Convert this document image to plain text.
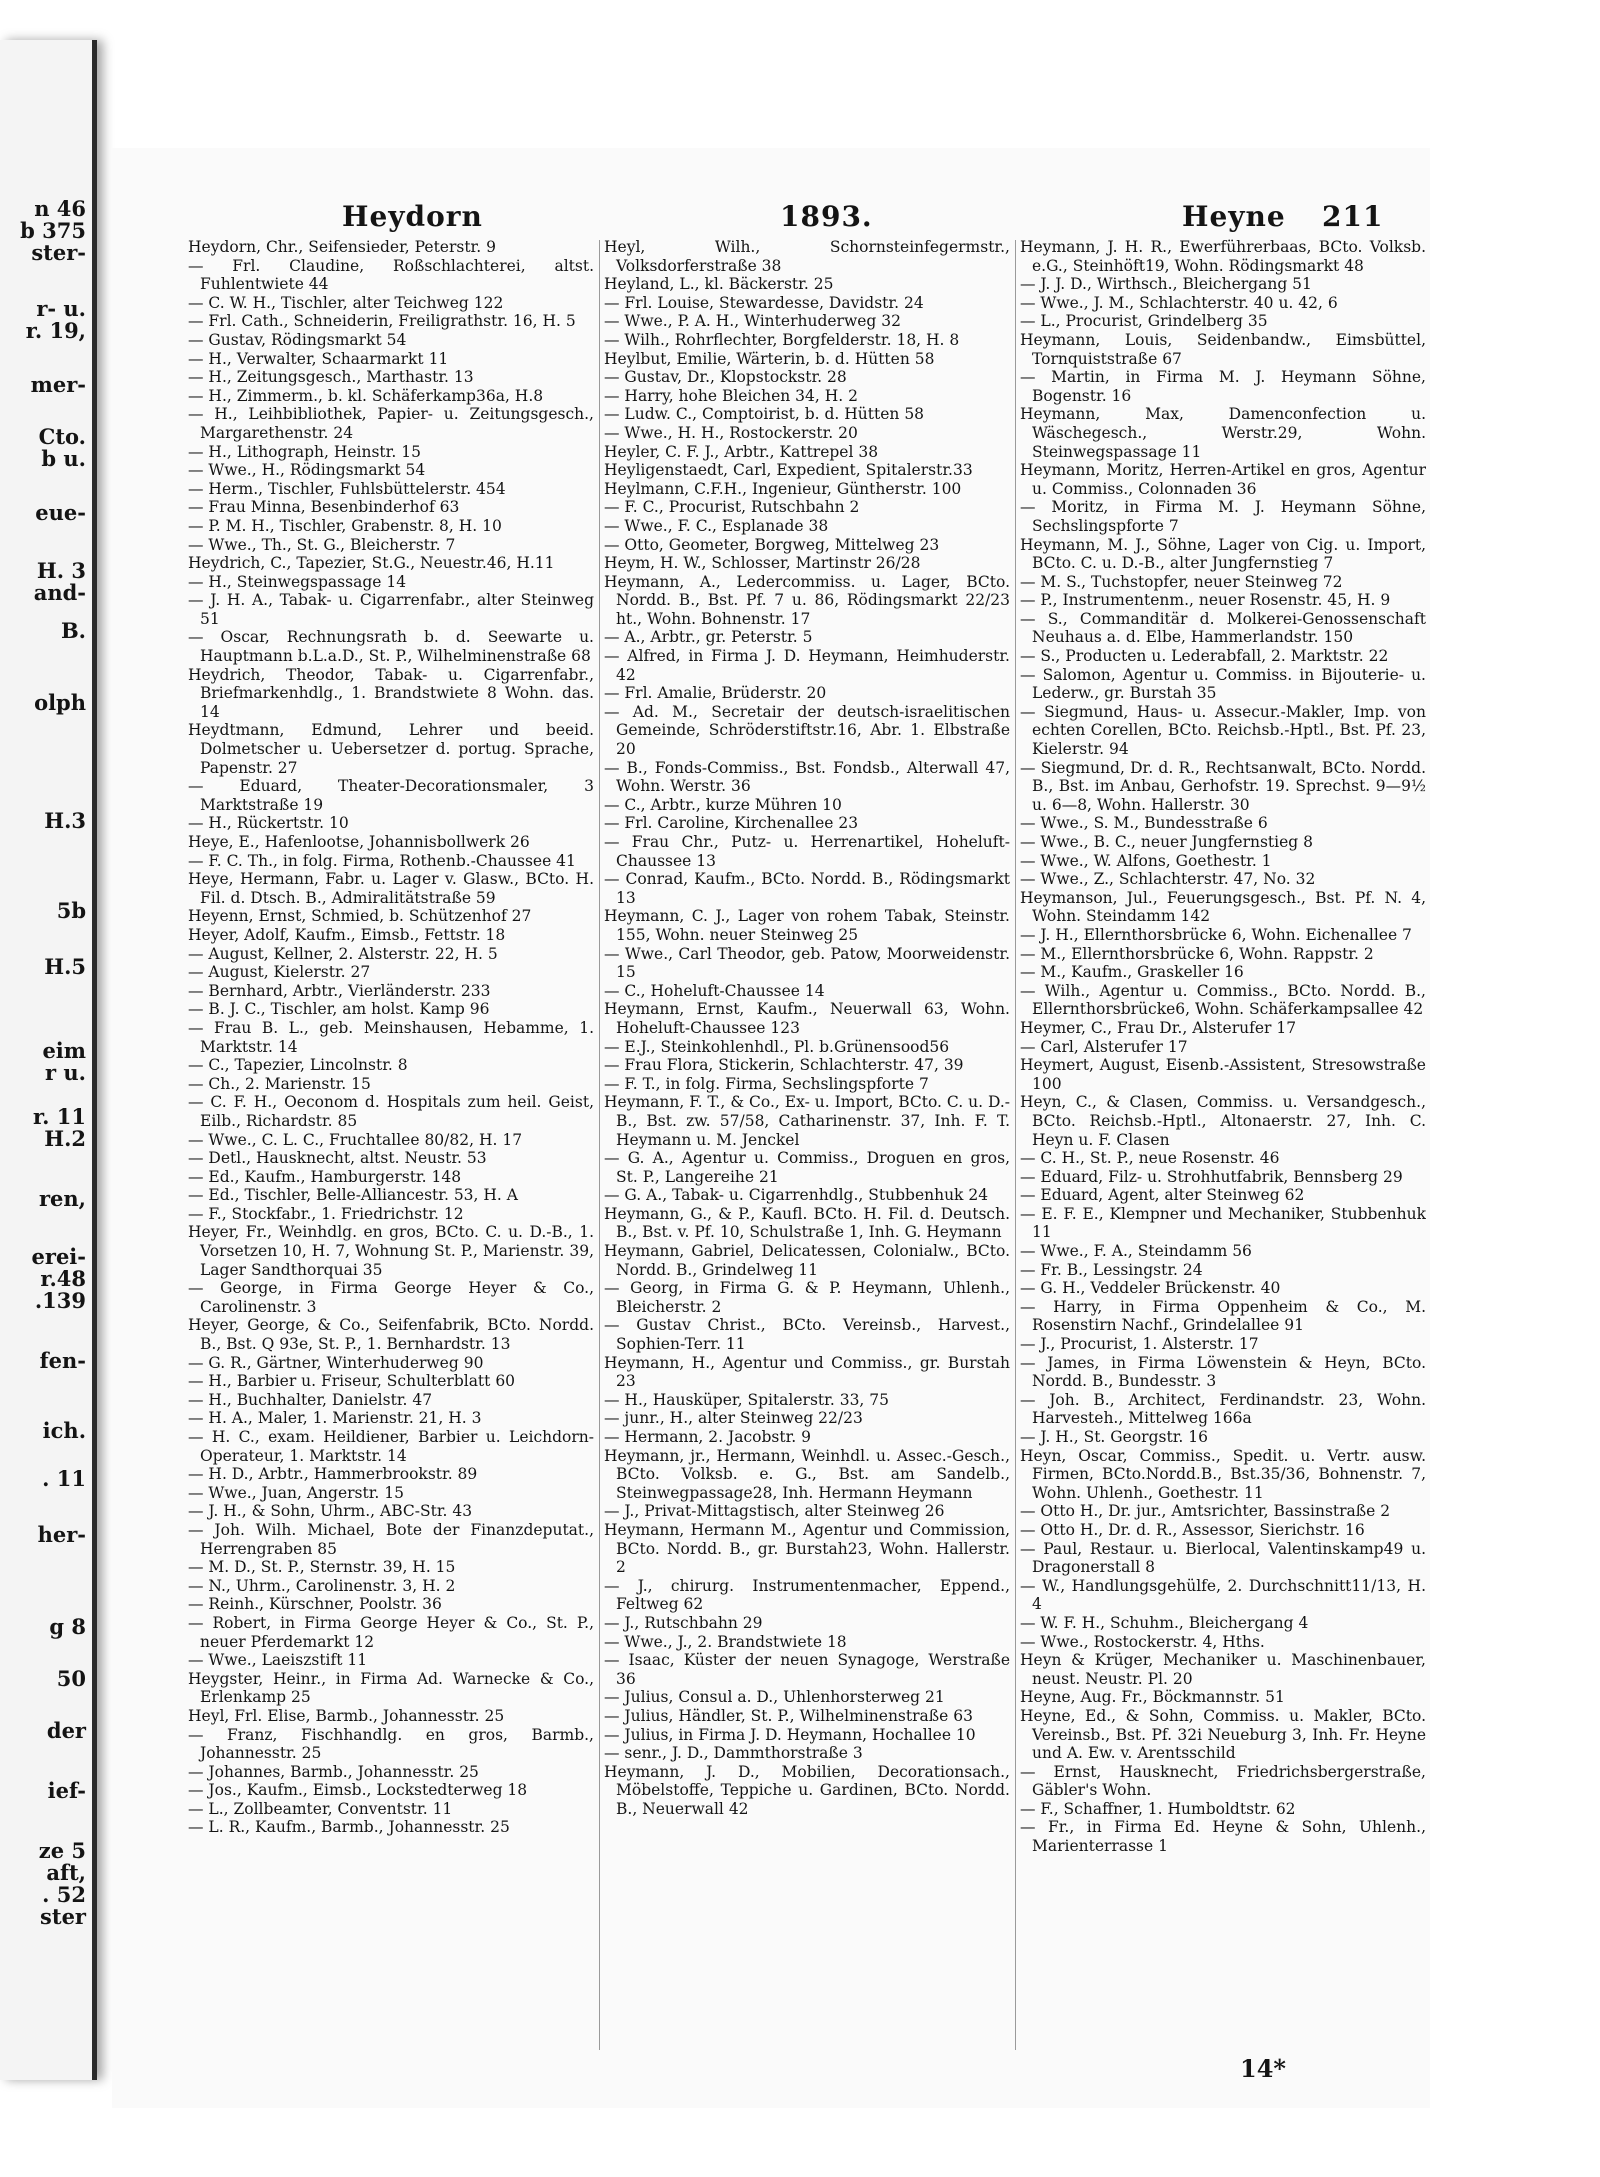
n 46
b 375
ster-
r- u.
r. 19,
mer-
Cto.
b u.
eue-
H. 3
and-
B.
olph
H.3
5b
H.5
eim
r u.
r. 11
H.2
ren,
erei-
r.48
.139
fen-
ich.
. 11
her-
g 8
50
der
ief-
ze 5
aft,
. 52
ster
Heydorn	1893.	Heyne 211

Heydorn, Chr., Seifensieder, Peterstr. 9

— Frl. Claudine, Roßschlachterei, altst. Fuhlentwiete 44

— C. W. H., Tischler, alter Teichweg 122

— Frl. Cath., Schneiderin, Freiligrathstr. 16, H. 5

— Gustav, Rödingsmarkt 54

— H., Verwalter, Schaarmarkt 11

— H., Zeitungsgesch., Marthastr. 13

— H., Zimmerm., b. kl. Schäferkamp36a, H.8

— H., Leihbibliothek, Papier- u. Zeitungsgesch., Margarethenstr. 24

— H., Lithograph, Heinstr. 15

— Wwe., H., Rödingsmarkt 54

— Herm., Tischler, Fuhlsbüttelerstr. 454

— Frau Minna, Besenbinderhof 63

— P. M. H., Tischler, Grabenstr. 8, H. 10

— Wwe., Th., St. G., Bleicherstr. 7

Heydrich, C., Tapezier, St.G., Neuestr.46, H.11

— H., Steinwegspassage 14

— J. H. A., Tabak- u. Cigarrenfabr., alter Steinweg 51

— Oscar, Rechnungsrath b. d. Seewarte u. Hauptmann b.L.a.D., St. P., Wilhelminenstraße 68

Heydrich, Theodor, Tabak- u. Cigarrenfabr., Briefmarkenhdlg., 1. Brandstwiete 8 Wohn. das. 14

Heydtmann, Edmund, Lehrer und beeid. Dolmetscher u. Uebersetzer d. portug. Sprache, Papenstr. 27

— Eduard, Theater-Decorationsmaler, 3 Marktstraße 19

— H., Rückertstr. 10

Heye, E., Hafenlootse, Johannisbollwerk 26

— F. C. Th., in folg. Firma, Rothenb.-Chaussee 41

Heye, Hermann, Fabr. u. Lager v. Glasw., BCto. H. Fil. d. Dtsch. B., Admiralitätstraße 59

Heyenn, Ernst, Schmied, b. Schützenhof 27

Heyer, Adolf, Kaufm., Eimsb., Fettstr. 18

— August, Kellner, 2. Alsterstr. 22, H. 5

— August, Kielerstr. 27

— Bernhard, Arbtr., Vierländerstr. 233

— B. J. C., Tischler, am holst. Kamp 96

— Frau B. L., geb. Meinshausen, Hebamme, 1. Marktstr. 14

— C., Tapezier, Lincolnstr. 8

— Ch., 2. Marienstr. 15

— C. F. H., Oeconom d. Hospitals zum heil. Geist, Eilb., Richardstr. 85

— Wwe., C. L. C., Fruchtallee 80/82, H. 17

— Detl., Hausknecht, altst. Neustr. 53

— Ed., Kaufm., Hamburgerstr. 148

— Ed., Tischler, Belle-Alliancestr. 53, H. A

— F., Stockfabr., 1. Friedrichstr. 12

Heyer, Fr., Weinhdlg. en gros, BCto. C. u. D.-B., 1. Vorsetzen 10, H. 7, Wohnung St. P., Marienstr. 39, Lager Sandthorquai 35

— George, in Firma George Heyer & Co., Carolinenstr. 3

Heyer, George, & Co., Seifenfabrik, BCto. Nordd. B., Bst. Q 93e, St. P., 1. Bernhardstr. 13

— G. R., Gärtner, Winterhuderweg 90

— H., Barbier u. Friseur, Schulterblatt 60

— H., Buchhalter, Danielstr. 47

— H. A., Maler, 1. Marienstr. 21, H. 3

— H. C., exam. Heildiener, Barbier u. Leichdorn-Operateur, 1. Marktstr. 14

— H. D., Arbtr., Hammerbrookstr. 89

— Wwe., Juan, Angerstr. 15

— J. H., & Sohn, Uhrm., ABC-Str. 43

— Joh. Wilh. Michael, Bote der Finanzdeputat., Herrengraben 85

— M. D., St. P., Sternstr. 39, H. 15

— N., Uhrm., Carolinenstr. 3, H. 2

— Reinh., Kürschner, Poolstr. 36

— Robert, in Firma George Heyer & Co., St. P., neuer Pferdemarkt 12

— Wwe., Laeiszstift 11

Heygster, Heinr., in Firma Ad. Warnecke & Co., Erlenkamp 25

Heyl, Frl. Elise, Barmb., Johannesstr. 25

— Franz, Fischhandlg. en gros, Barmb., Johannesstr. 25

— Johannes, Barmb., Johannesstr. 25

— Jos., Kaufm., Eimsb., Lockstedterweg 18

— L., Zollbeamter, Conventstr. 11

— L. R., Kaufm., Barmb., Johannesstr. 25

Heyl, Wilh., Schornsteinfegermstr., Volksdorferstraße 38

Heyland, L., kl. Bäckerstr. 25

— Frl. Louise, Stewardesse, Davidstr. 24

— Wwe., P. A. H., Winterhuderweg 32

— Wilh., Rohrflechter, Borgfelderstr. 18, H. 8

Heylbut, Emilie, Wärterin, b. d. Hütten 58

— Gustav, Dr., Klopstockstr. 28

— Harry, hohe Bleichen 34, H. 2

— Ludw. C., Comptoirist, b. d. Hütten 58

— Wwe., H. H., Rostockerstr. 20

Heyler, C. F. J., Arbtr., Kattrepel 38

Heyligenstaedt, Carl, Expedient, Spitalerstr.33

Heylmann, C.F.H., Ingenieur, Güntherstr. 100

— F. C., Procurist, Rutschbahn 2

— Wwe., F. C., Esplanade 38

— Otto, Geometer, Borgweg, Mittelweg 23

Heym, H. W., Schlosser, Martinstr 26/28

Heymann, A., Ledercommiss. u. Lager, BCto. Nordd. B., Bst. Pf. 7 u. 86, Rödingsmarkt 22/23 ht., Wohn. Bohnenstr. 17

— A., Arbtr., gr. Peterstr. 5

— Alfred, in Firma J. D. Heymann, Heimhuderstr. 42

— Frl. Amalie, Brüderstr. 20

— Ad. M., Secretair der deutsch-israelitischen Gemeinde, Schröderstiftstr.16, Abr. 1. Elbstraße 20

— B., Fonds-Commiss., Bst. Fondsb., Alterwall 47, Wohn. Werstr. 36

— C., Arbtr., kurze Mühren 10

— Frl. Caroline, Kirchenallee 23

— Frau Chr., Putz- u. Herrenartikel, Hoheluft-Chaussee 13

— Conrad, Kaufm., BCto. Nordd. B., Rödingsmarkt 13

Heymann, C. J., Lager von rohem Tabak, Steinstr. 155, Wohn. neuer Steinweg 25

— Wwe., Carl Theodor, geb. Patow, Moorweidenstr. 15

— C., Hoheluft-Chaussee 14

Heymann, Ernst, Kaufm., Neuerwall 63, Wohn. Hoheluft-Chaussee 123

— E.J., Steinkohlenhdl., Pl. b.Grünensood56

— Frau Flora, Stickerin, Schlachterstr. 47, 39

— F. T., in folg. Firma, Sechslingspforte 7

Heymann, F. T., & Co., Ex- u. Import, BCto. C. u. D.-B., Bst. zw. 57/58, Catharinenstr. 37, Inh. F. T. Heymann u. M. Jenckel

— G. A., Agentur u. Commiss., Droguen en gros, St. P., Langereihe 21

— G. A., Tabak- u. Cigarrenhdlg., Stubbenhuk 24

Heymann, G., & P., Kaufl. BCto. H. Fil. d. Deutsch. B., Bst. v. Pf. 10, Schulstraße 1, Inh. G. Heymann

Heymann, Gabriel, Delicatessen, Colonialw., BCto. Nordd. B., Grindelweg 11

— Georg, in Firma G. & P. Heymann, Uhlenh., Bleicherstr. 2

— Gustav Christ., BCto. Vereinsb., Harvest., Sophien-Terr. 11

Heymann, H., Agentur und Commiss., gr. Burstah 23

— H., Hausküper, Spitalerstr. 33, 75

— junr., H., alter Steinweg 22/23

— Hermann, 2. Jacobstr. 9

Heymann, jr., Hermann, Weinhdl. u. Assec.-Gesch., BCto. Volksb. e. G., Bst. am Sandelb., Steinwegpassage28, Inh. Hermann Heymann

— J., Privat-Mittagstisch, alter Steinweg 26

Heymann, Hermann M., Agentur und Commission, BCto. Nordd. B., gr. Burstah23, Wohn. Hallerstr. 2

— J., chirurg. Instrumentenmacher, Eppend., Feltweg 62

— J., Rutschbahn 29

— Wwe., J., 2. Brandstwiete 18

— Isaac, Küster der neuen Synagoge, Werstraße 36

— Julius, Consul a. D., Uhlenhorsterweg 21

— Julius, Händler, St. P., Wilhelminenstraße 63

— Julius, in Firma J. D. Heymann, Hochallee 10

— senr., J. D., Dammthorstraße 3

Heymann, J. D., Mobilien, Decorationsach., Möbelstoffe, Teppiche u. Gardinen, BCto. Nordd. B., Neuerwall 42

Heymann, J. H. R., Ewerführerbaas, BCto. Volksb. e.G., Steinhöft19, Wohn. Rödingsmarkt 48

— J. J. D., Wirthsch., Bleichergang 51

— Wwe., J. M., Schlachterstr. 40 u. 42, 6

— L., Procurist, Grindelberg 35

Heymann, Louis, Seidenbandw., Eimsbüttel, Tornquiststraße 67

— Martin, in Firma M. J. Heymann Söhne, Bogenstr. 16

Heymann, Max, Damenconfection u. Wäschegesch., Werstr.29, Wohn. Steinwegspassage 11

Heymann, Moritz, Herren-Artikel en gros, Agentur u. Commiss., Colonnaden 36

— Moritz, in Firma M. J. Heymann Söhne, Sechslingspforte 7

Heymann, M. J., Söhne, Lager von Cig. u. Import, BCto. C. u. D.-B., alter Jungfernstieg 7

— M. S., Tuchstopfer, neuer Steinweg 72

— P., Instrumentenm., neuer Rosenstr. 45, H. 9

— S., Commanditär d. Molkerei-Genossenschaft Neuhaus a. d. Elbe, Hammerlandstr. 150

— S., Producten u. Lederabfall, 2. Marktstr. 22

— Salomon, Agentur u. Commiss. in Bijouterie- u. Lederw., gr. Burstah 35

— Siegmund, Haus- u. Assecur.-Makler, Imp. von echten Corellen, BCto. Reichsb.-Hptl., Bst. Pf. 23, Kielerstr. 94

— Siegmund, Dr. d. R., Rechtsanwalt, BCto. Nordd. B., Bst. im Anbau, Gerhofstr. 19. Sprechst. 9—9½ u. 6—8, Wohn. Hallerstr. 30

— Wwe., S. M., Bundesstraße 6

— Wwe., B. C., neuer Jungfernstieg 8

— Wwe., W. Alfons, Goethestr. 1

— Wwe., Z., Schlachterstr. 47, No. 32

Heymanson, Jul., Feuerungsgesch., Bst. Pf. N. 4, Wohn. Steindamm 142

— J. H., Ellernthorsbrücke 6, Wohn. Eichenallee 7

— M., Ellernthorsbrücke 6, Wohn. Rappstr. 2

— M., Kaufm., Graskeller 16

— Wilh., Agentur u. Commiss., BCto. Nordd. B., Ellernthorsbrücke6, Wohn. Schäferkampsallee 42

Heymer, C., Frau Dr., Alsterufer 17

— Carl, Alsterufer 17

Heymert, August, Eisenb.-Assistent, Stresowstraße 100

Heyn, C., & Clasen, Commiss. u. Versandgesch., BCto. Reichsb.-Hptl., Altonaerstr. 27, Inh. C. Heyn u. F. Clasen

— C. H., St. P., neue Rosenstr. 46

— Eduard, Filz- u. Strohhutfabrik, Bennsberg 29

— Eduard, Agent, alter Steinweg 62

— E. F. E., Klempner und Mechaniker, Stubbenhuk 11

— Wwe., F. A., Steindamm 56

— Fr. B., Lessingstr. 24

— G. H., Veddeler Brückenstr. 40

— Harry, in Firma Oppenheim & Co., M. Rosenstirn Nachf., Grindelallee 91

— J., Procurist, 1. Alsterstr. 17

— James, in Firma Löwenstein & Heyn, BCto. Nordd. B., Bundesstr. 3

— Joh. B., Architect, Ferdinandstr. 23, Wohn. Harvesteh., Mittelweg 166a

— J. H., St. Georgstr. 16

Heyn, Oscar, Commiss., Spedit. u. Vertr. ausw. Firmen, BCto.Nordd.B., Bst.35/36, Bohnenstr. 7, Wohn. Uhlenh., Goethestr. 11

— Otto H., Dr. jur., Amtsrichter, Bassinstraße 2

— Otto H., Dr. d. R., Assessor, Sierichstr. 16

— Paul, Restaur. u. Bierlocal, Valentinskamp49 u. Dragonerstall 8

— W., Handlungsgehülfe, 2. Durchschnitt11/13, H. 4

— W. F. H., Schuhm., Bleichergang 4

— Wwe., Rostockerstr. 4, Hths.

Heyn & Krüger, Mechaniker u. Maschinenbauer, neust. Neustr. Pl. 20

Heyne, Aug. Fr., Böckmannstr. 51

Heyne, Ed., & Sohn, Commiss. u. Makler, BCto. Vereinsb., Bst. Pf. 32i Neueburg 3, Inh. Fr. Heyne und A. Ew. v. Arentsschild

— Ernst, Hausknecht, Friedrichsbergerstraße, Gäbler's Wohn.

— F., Schaffner, 1. Humboldtstr. 62

— Fr., in Firma Ed. Heyne & Sohn, Uhlenh., Marienterrasse 1

14*
